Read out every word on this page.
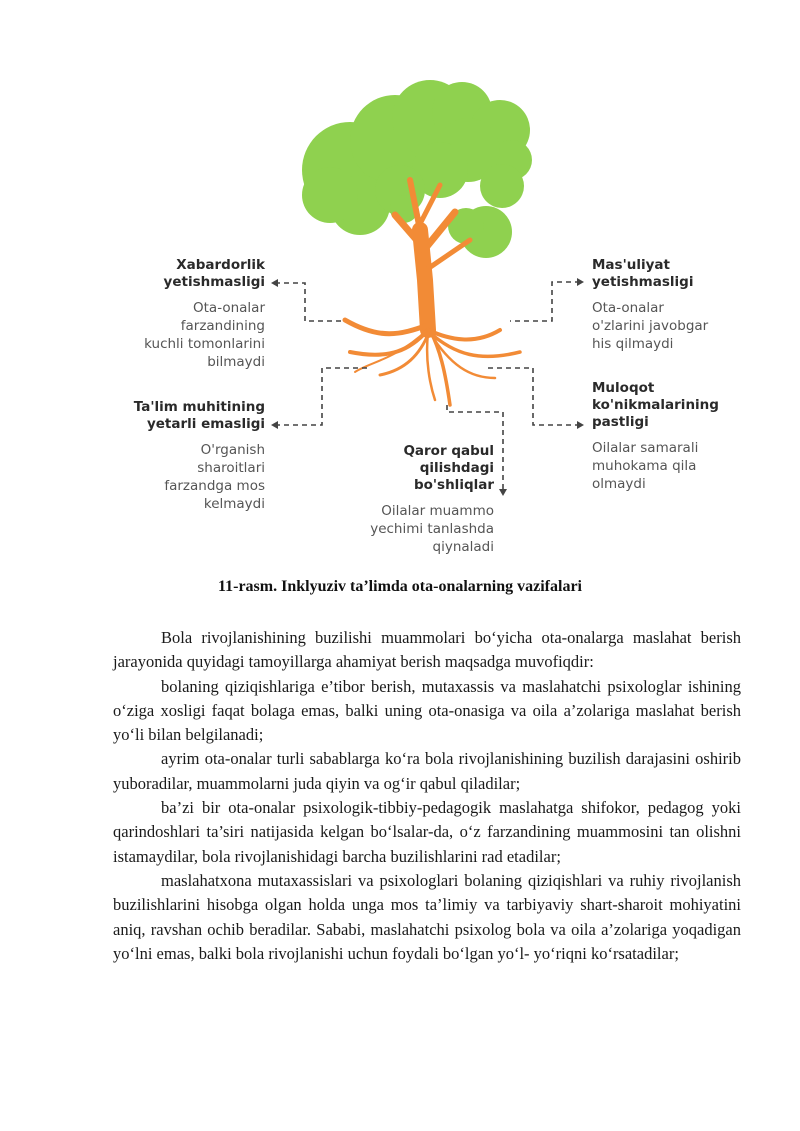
Xabardorlik
yetishmasligi
Ota-onalar
farzandining
kuchli tomonlarini
bilmaydi
Ta'lim muhitining
yetarli emasligi
O'rganish
sharoitlari
farzandga mos
kelmaydi
Qaror qabul
qilishdagi
bo'shliqlar
Oilalar muammo
yechimi tanlashda
qiynaladi
Mas'uliyat
yetishmasligi
Ota-onalar
o'zlarini javobgar
his qilmaydi
Muloqot
ko'nikmalarining
pastligi
Oilalar samarali
muhokama qila
olmaydi
11-rasm. Inklyuziv ta’limda ota-onalarning vazifalari

Bola rivojlanishining buzilishi muammolari boʻyicha ota-onalarga maslahat berish jarayonida quyidagi tamoyillarga ahamiyat berish maqsadga muvofiqdir:

bolaning qiziqishlariga e’tibor berish, mutaxassis va maslahatchi psixologlar ishining oʻziga xosligi faqat bolaga emas, balki uning ota-onasiga va oila a’zolariga maslahat berish yoʻli bilan belgilanadi;

ayrim ota-onalar turli sabablarga koʻra bola rivojlanishining buzilish darajasini oshirib yuboradilar, muammolarni juda qiyin va ogʻir qabul qiladilar;

ba’zi bir ota-onalar psixologik-tibbiy-pedagogik maslahatga shifokor, pedagog yoki qarindoshlari ta’siri natijasida kelgan boʻlsalar-da, oʻz farzandining muammosini tan olishni istamaydilar, bola rivojlanishidagi barcha buzilishlarini rad etadilar;

maslahatxona mutaxassislari va psixologlari bolaning qiziqishlari va ruhiy rivojlanish buzilishlarini hisobga olgan holda unga mos ta’limiy va tarbiyaviy shart-sharoit mohiyatini aniq, ravshan ochib beradilar. Sababi, maslahatchi psixolog bola va oila a’zolariga yoqadigan yoʻlni emas, balki bola rivojlanishi uchun foydali boʻlgan yoʻl- yoʻriqni koʻrsatadilar;
